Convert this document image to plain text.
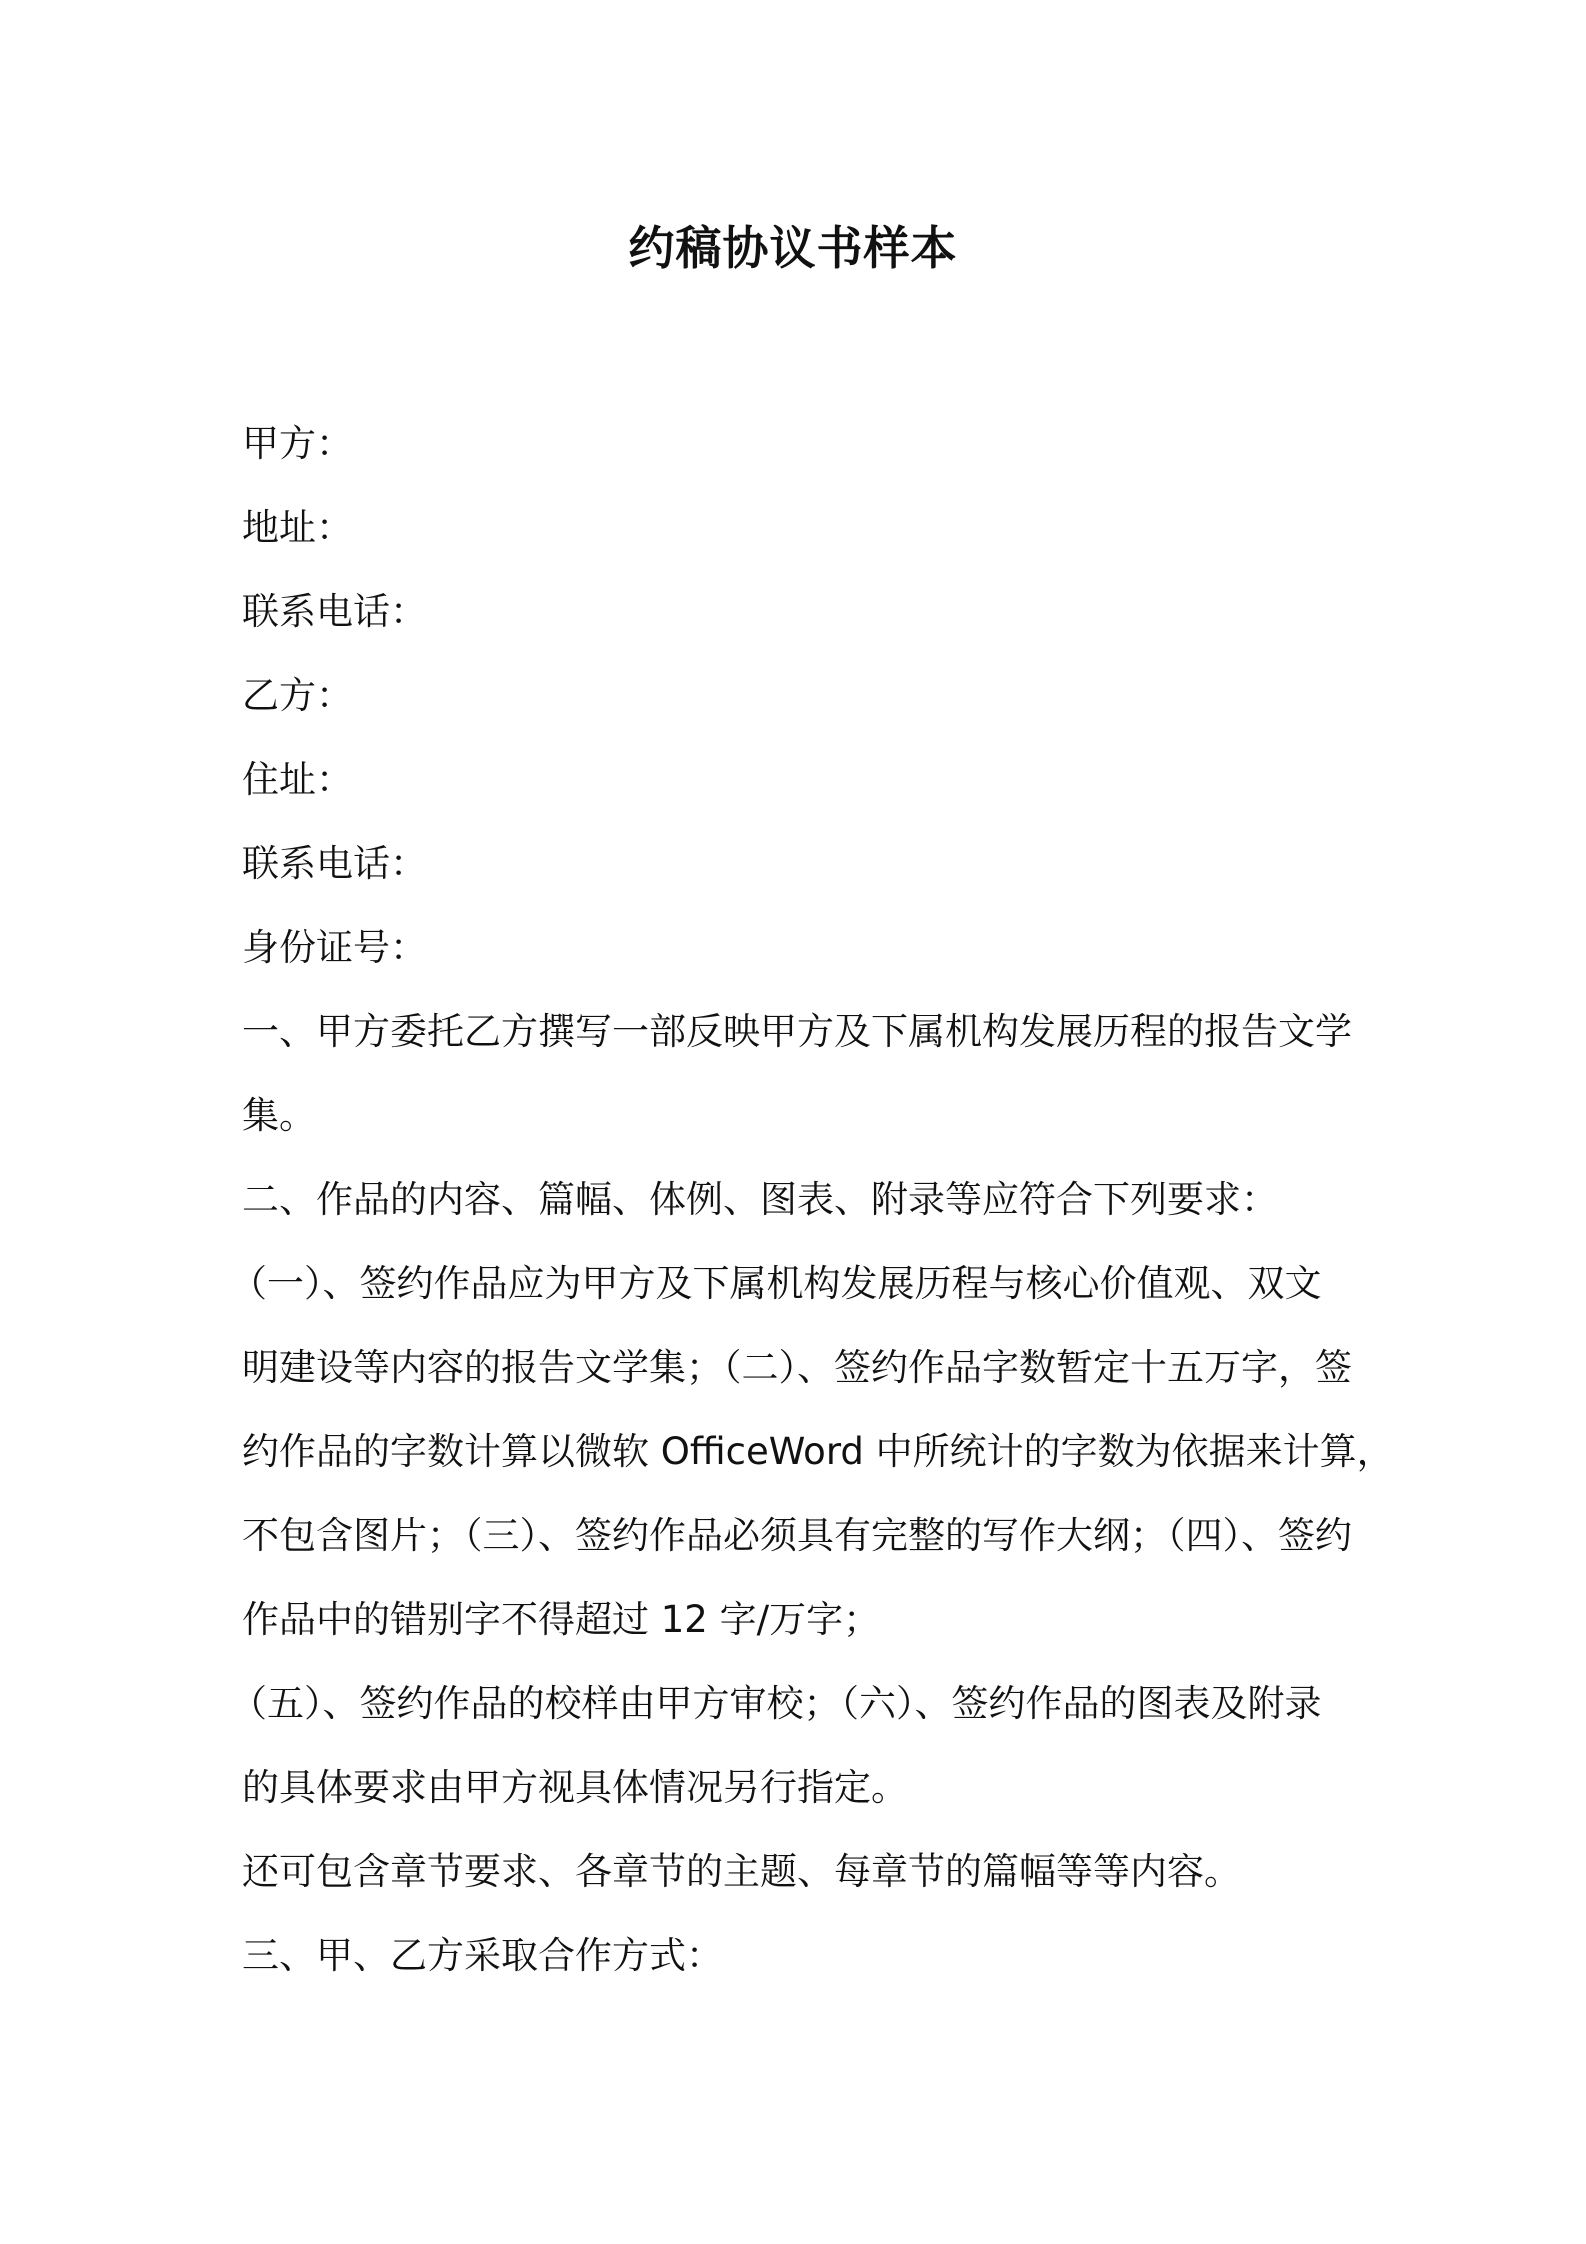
约稿协议书样本

甲方：

地址：

联系电话：

乙方：

住址：

联系电话：

身份证号：

一、甲方委托乙方撰写一部反映甲方及下属机构发展历程的报告文学

集。

二、作品的内容、篇幅、体例、图表、附录等应符合下列要求：

（一）、签约作品应为甲方及下属机构发展历程与核心价值观、双文

明建设等内容的报告文学集；（二）、签约作品字数暂定十五万字，签

约作品的字数计算以微软 OfficeWord 中所统计的字数为依据来计算，

不包含图片；（三）、签约作品必须具有完整的写作大纲；（四）、签约

作品中的错别字不得超过 12 字/万字；

（五）、签约作品的校样由甲方审校；（六）、签约作品的图表及附录

的具体要求由甲方视具体情况另行指定。

还可包含章节要求、各章节的主题、每章节的篇幅等等内容。

三、甲、乙方采取合作方式：
